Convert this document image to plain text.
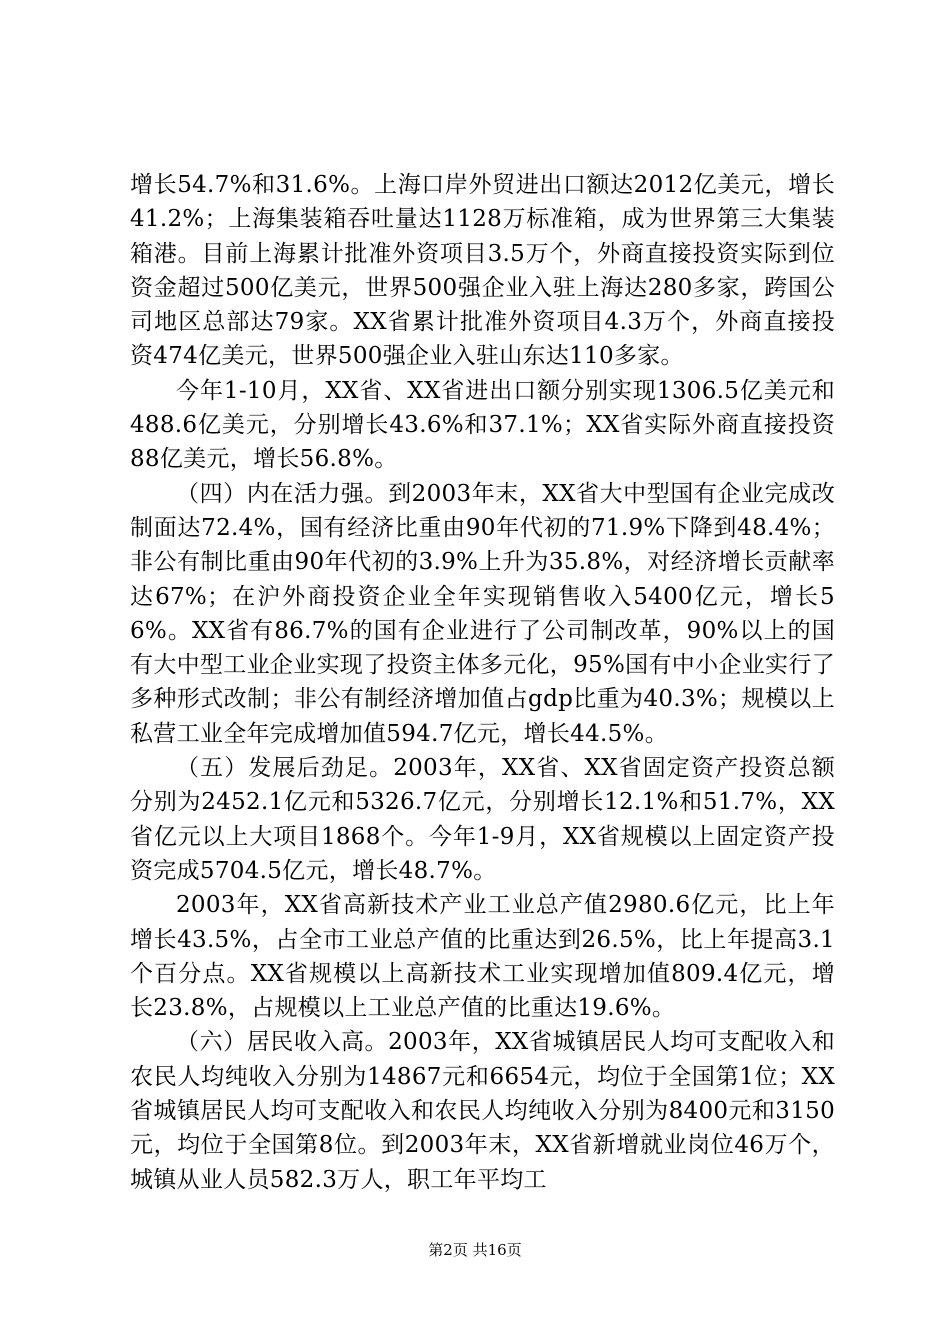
增长54.7%和31.6%。上海口岸外贸进出口额达2012亿美元，增长41.2%；上海集装箱吞吐量达1128万标准箱，成为世界第三大集装箱港。目前上海累计批准外资项目3.5万个，外商直接投资实际到位资金超过500亿美元，世界500强企业入驻上海达280多家，跨国公司地区总部达79家。XX省累计批准外资项目4.3万个，外商直接投资474亿美元，世界500强企业入驻山东达110多家。

今年1-10月，XX省、XX省进出口额分别实现1306.5亿美元和488.6亿美元，分别增长43.6%和37.1%；XX省实际外商直接投资88亿美元，增长56.8%。

（四）内在活力强。到2003年末，XX省大中型国有企业完成改制面达72.4%，国有经济比重由90年代初的71.9%下降到48.4%；非公有制比重由90年代初的3.9%上升为35.8%，对经济增长贡献率达67%；在沪外商投资企业全年实现销售收入5400亿元，增长56%。XX省有86.7%的国有企业进行了公司制改革，90%以上的国有大中型工业企业实现了投资主体多元化，95%国有中小企业实行了多种形式改制；非公有制经济增加值占gdp比重为40.3%；规模以上私营工业全年完成增加值594.7亿元，增长44.5%。

（五）发展后劲足。2003年，XX省、XX省固定资产投资总额分别为2452.1亿元和5326.7亿元，分别增长12.1%和51.7%，XX省亿元以上大项目1868个。今年1-9月，XX省规模以上固定资产投资完成5704.5亿元，增长48.7%。

2003年，XX省高新技术产业工业总产值2980.6亿元，比上年增长43.5%，占全市工业总产值的比重达到26.5%，比上年提高3.1个百分点。XX省规模以上高新技术工业实现增加值809.4亿元，增长23.8%，占规模以上工业总产值的比重达19.6%。

（六）居民收入高。2003年，XX省城镇居民人均可支配收入和农民人均纯收入分别为14867元和6654元，均位于全国第1位；XX省城镇居民人均可支配收入和农民人均纯收入分别为8400元和3150元，均位于全国第8位。到2003年末，XX省新增就业岗位46万个，城镇从业人员582.3万人，职工年平均工

第2页 共16页
